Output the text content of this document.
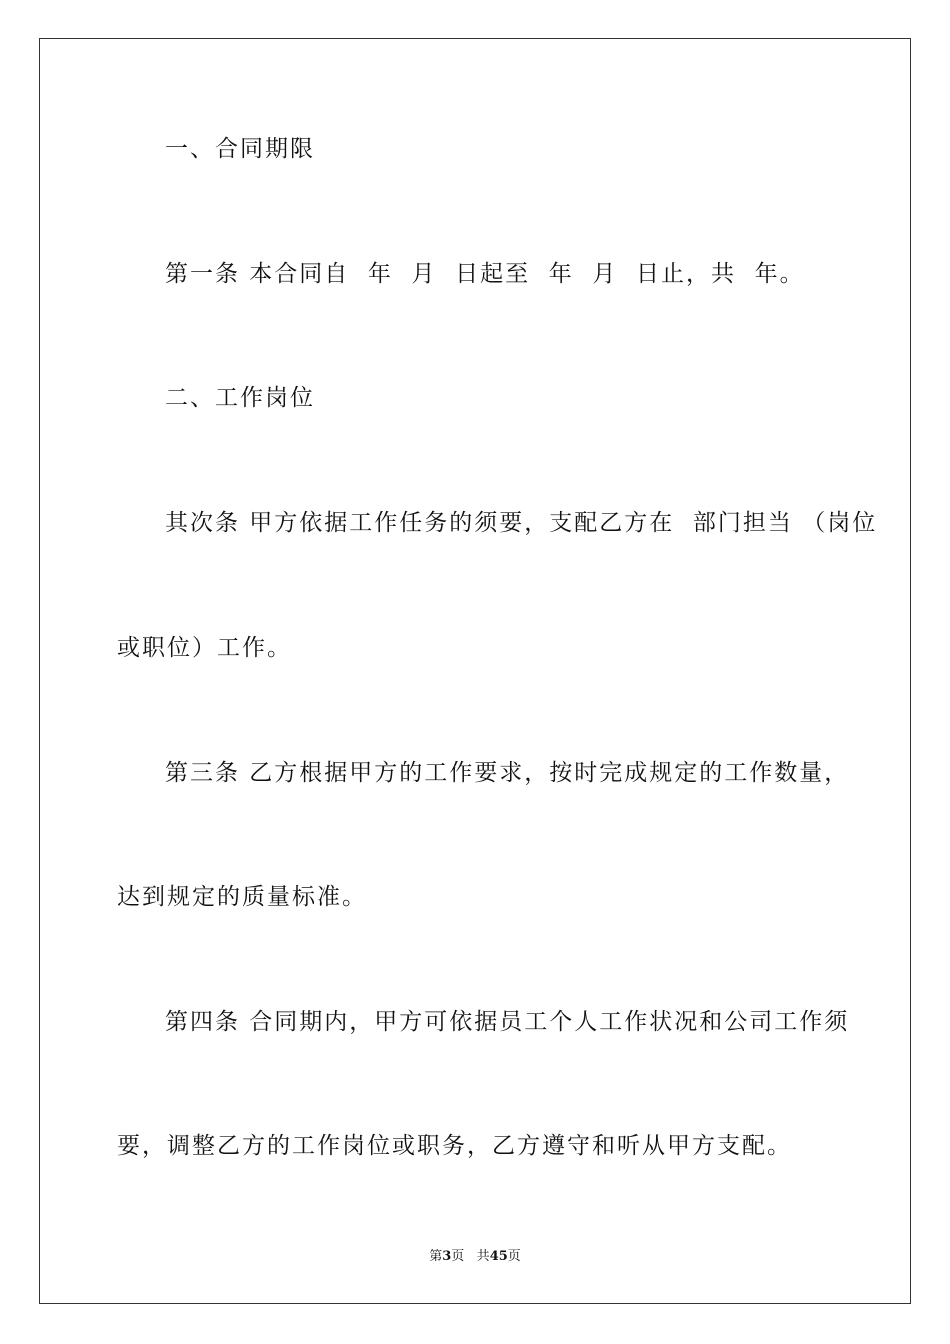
一、合同期限
第一条 本合同自  年  月  日起至  年  月  日止，共  年。
二、工作岗位
其次条 甲方依据工作任务的须要，支配乙方在  部门担当 （岗位
或职位）工作。
第三条 乙方根据甲方的工作要求，按时完成规定的工作数量，
达到规定的质量标准。
第四条 合同期内，甲方可依据员工个人工作状况和公司工作须
要，调整乙方的工作岗位或职务，乙方遵守和听从甲方支配。
第3页 共45页
